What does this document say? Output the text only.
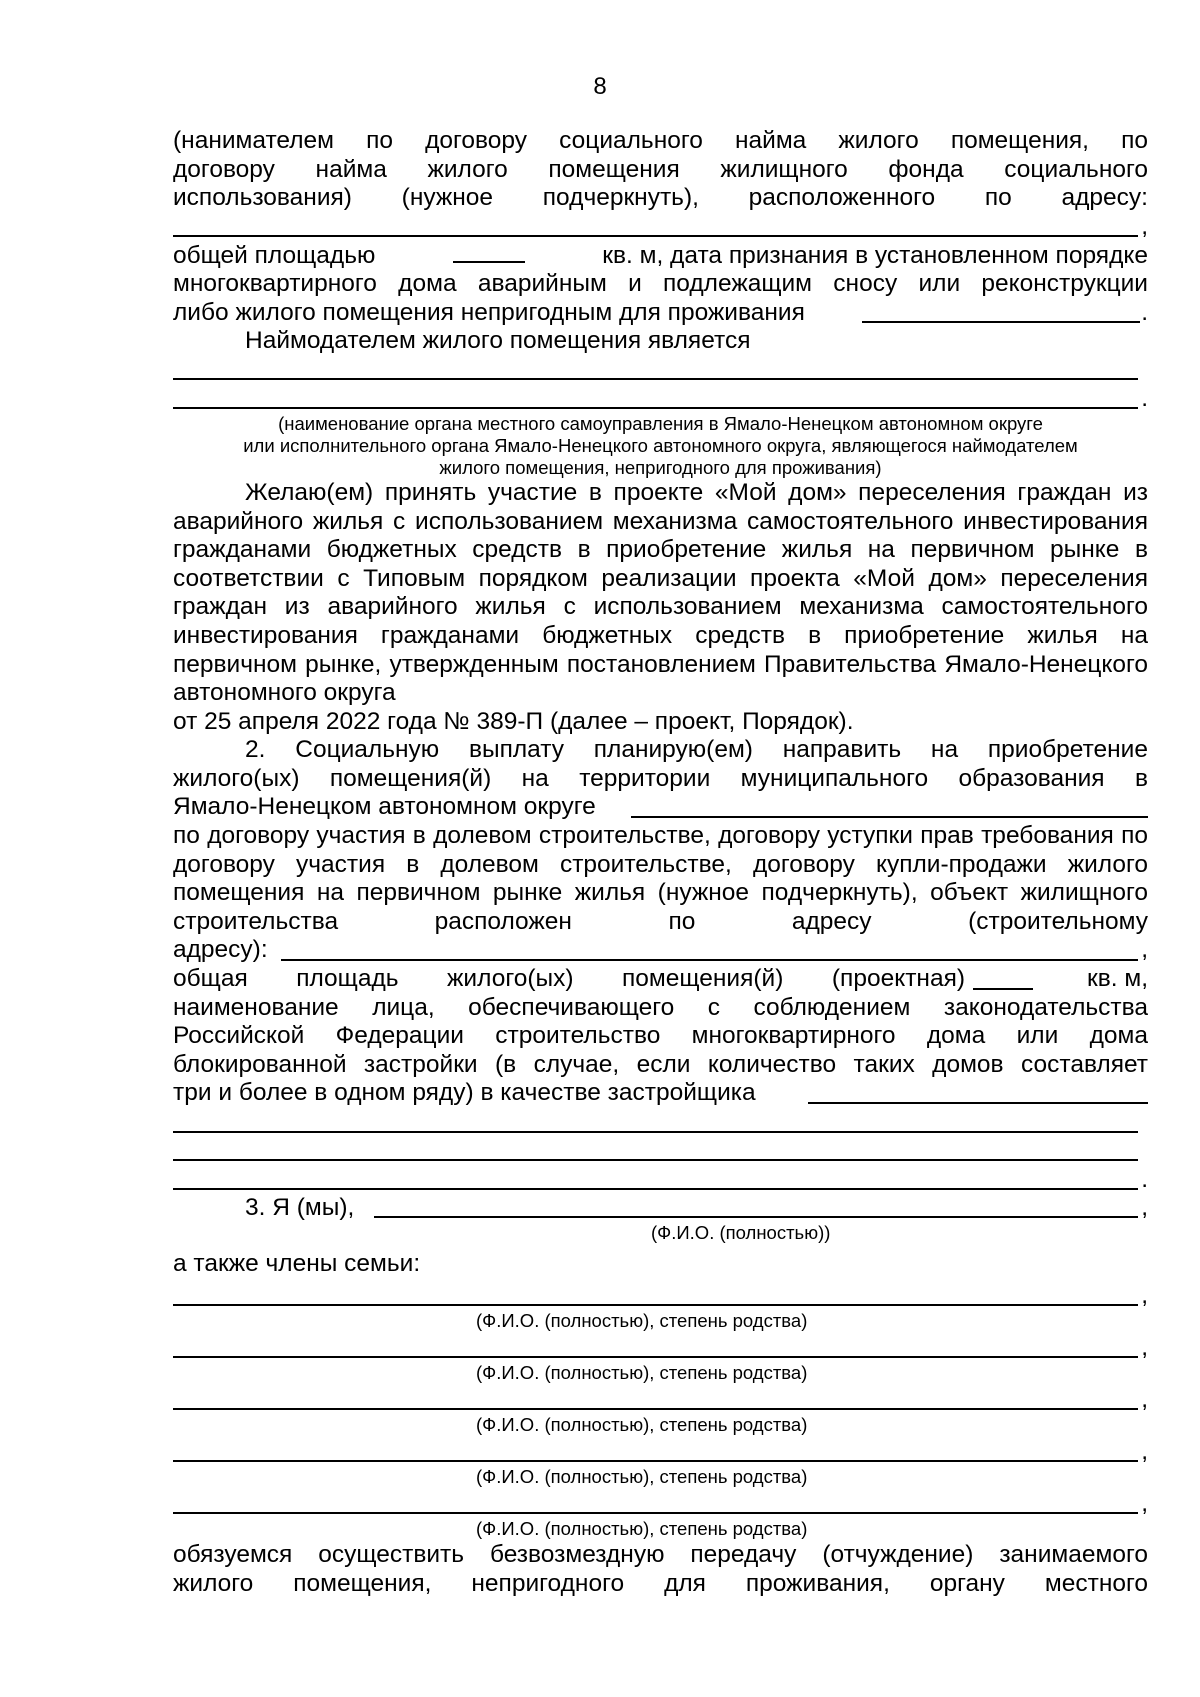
8
(нанимателем по договору социального найма жилого помещения, по
договору найма жилого помещения жилищного фонда социального
использования) (нужное подчеркнуть), расположенного по адресу:
,
общей площадью	кв. м, дата признания в установленном порядке
многоквартирного дома аварийным и подлежащим сносу или реконструкции
либо жилого помещения непригодным для проживания	.
Наймодателем жилого помещения является
.

(наименование органа местного самоуправления в Ямало-Ненецком автономном округе

или исполнительного органа Ямало-Ненецкого автономного округа, являющегося наймодателем

жилого помещения, непригодного для проживания)

Желаю(ем) принять участие в проекте «Мой дом» переселения граждан из аварийного жилья с использованием механизма самостоятельного инвестирования гражданами бюджетных средств в приобретение жилья на первичном рынке в соответствии с Типовым порядком реализации проекта «Мой дом» переселения граждан из аварийного жилья с использованием механизма самостоятельного инвестирования гражданами бюджетных средств в приобретение жилья на первичном рынке, утвержденным постановлением Правительства Ямало-Ненецкого автономного округа

от 25 апреля 2022 года № 389-П (далее – проект, Порядок).
2. Социальную выплату планирую(ем) направить на приобретение
жилого(ых) помещения(й) на территории муниципального образования в
Ямало-Ненецком автономном округе

по договору участия в долевом строительстве, договору уступки прав требования по договору участия в долевом строительстве, договору купли-продажи жилого помещения на первичном рынке жилья (нужное подчеркнуть), объект жилищного строительства расположен по адресу (строительному

адресу):	,
общая площадь жилого(ых) помещения(й) (проектная)	кв. м,

наименование лица, обеспечивающего с соблюдением законодательства Российской Федерации строительство многоквартирного дома или дома блокированной застройки (в случае, если количество таких домов составляет

три и более в одном ряду) в качестве застройщика
.
3. Я (мы),	,
(Ф.И.О. (полностью))
а также члены семьи:
,
(Ф.И.О. (полностью), степень родства)
,
(Ф.И.О. (полностью), степень родства)
,
(Ф.И.О. (полностью), степень родства)
,
(Ф.И.О. (полностью), степень родства)
,
(Ф.И.О. (полностью), степень родства)
обязуемся осуществить безвозмездную передачу (отчуждение) занимаемого
жилого помещения, непригодного для проживания, органу местного
